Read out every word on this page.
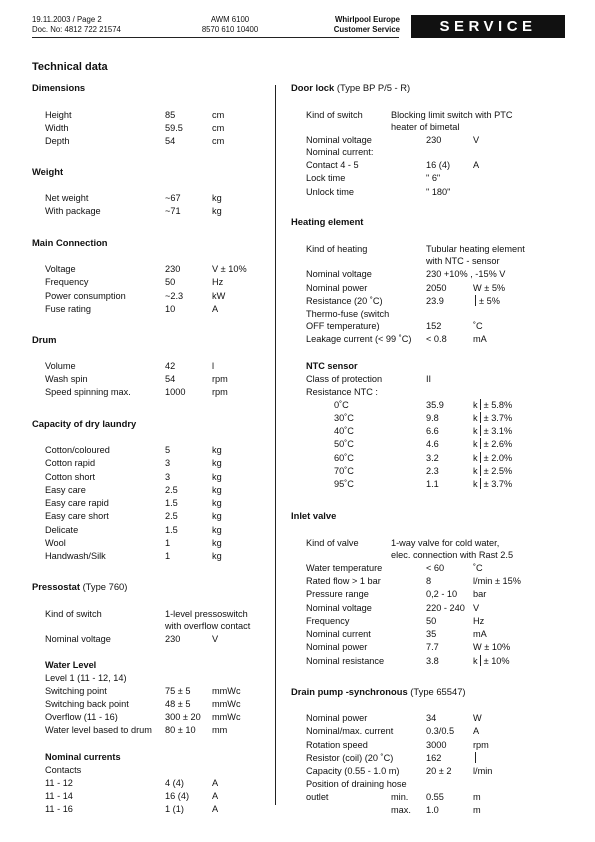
19.11.2003 / Page 2
Doc. No: 4812 722 21574
AWM 6100
8570 610 10400
Whirlpool Europe
Customer Service	SERVICE
Technical data
Dimensions
Height	85	cm
Width	59.5	cm
Depth	54	cm
Weight
Net weight	~67	kg
With package	~71	kg
Main Connection
Voltage	230	V ± 10%
Frequency	50	Hz
Power consumption	~2.3	kW
Fuse rating	10	A
Drum
Volume	42	l
Wash spin	54	rpm
Speed spinning max.	1000	rpm
Capacity of dry laundry
Cotton/coloured	5	kg
Cotton rapid	3	kg
Cotton short	3	kg
Easy care	2.5	kg
Easy care rapid	1.5	kg
Easy care short	2.5	kg
Delicate	1.5	kg
Wool	1	kg
Handwash/Silk	1	kg
Pressostat (Type 760)
Kind of switch	1-level pressoswitch
with overflow contact
Nominal voltage	230	V
Water Level
Level 1 (11 - 12, 14)
Switching point	75 ± 5 mmWc
Switching back point	48 ± 5 mmWc
Overflow (11 - 16)	300 ± 20 mmWc
Water level based to drum 80 ± 10 mm
Nominal currents
Contacts
11 - 12	4 (4)	A
11 - 14	16 (4) A
11 - 16	1 (1)	A
Door lock (Type BP P/5 - R)
Kind of switch	Blocking limit switch with PTC
heater of bimetal
Nominal voltage	230	V
Nominal current:
Contact 4 - 5	16 (4) A
Lock time	" 6"
Unlock time	" 180"
Heating element
Kind of heating	Tubular heating element
with NTC - sensor
Nominal voltage	230 +10% , -15% V
Nominal power	2050	W ± 5%
Resistance (20 ˚C)	23.9	± 5%
Thermo-fuse (switch
OFF temperature)	152	˚C
Leakage current (< 99 ˚C) < 0.8	mA
NTC sensor
Class of protection	II
Resistance NTC :
0˚C	35.9	k ± 5.8%
30˚C	9.8	k ± 3.7%
40˚C	6.6	k ± 3.1%
50˚C	4.6	k ± 2.6%
60˚C	3.2	k ± 2.0%
70˚C	2.3	k ± 2.5%
95˚C	1.1	k ± 3.7%
Inlet valve
Kind of valve	1-way valve for cold water,
elec. connection with Rast 2.5
Water temperature	< 60	˚C
Rated flow > 1 bar	8	l/min ± 15%
Pressure range	0,2 - 10 bar
Nominal voltage	220 - 240 V
Frequency	50	Hz
Nominal current	35	mA
Nominal power	7.7	W ± 10%
Nominal resistance	3.8	k ± 10%
Drain pump -synchronous (Type 65547)
Nominal power	34	W
Nominal/max. current	0.3/0.5 A
Rotation speed	3000	rpm
Resistor (coil) (20 ˚C)	162
Capacity (0.55 - 1.0 m)	20 ± 2 l/min
Position of draining hose
outlet	min. 0.55	m
max. 1.0	m
